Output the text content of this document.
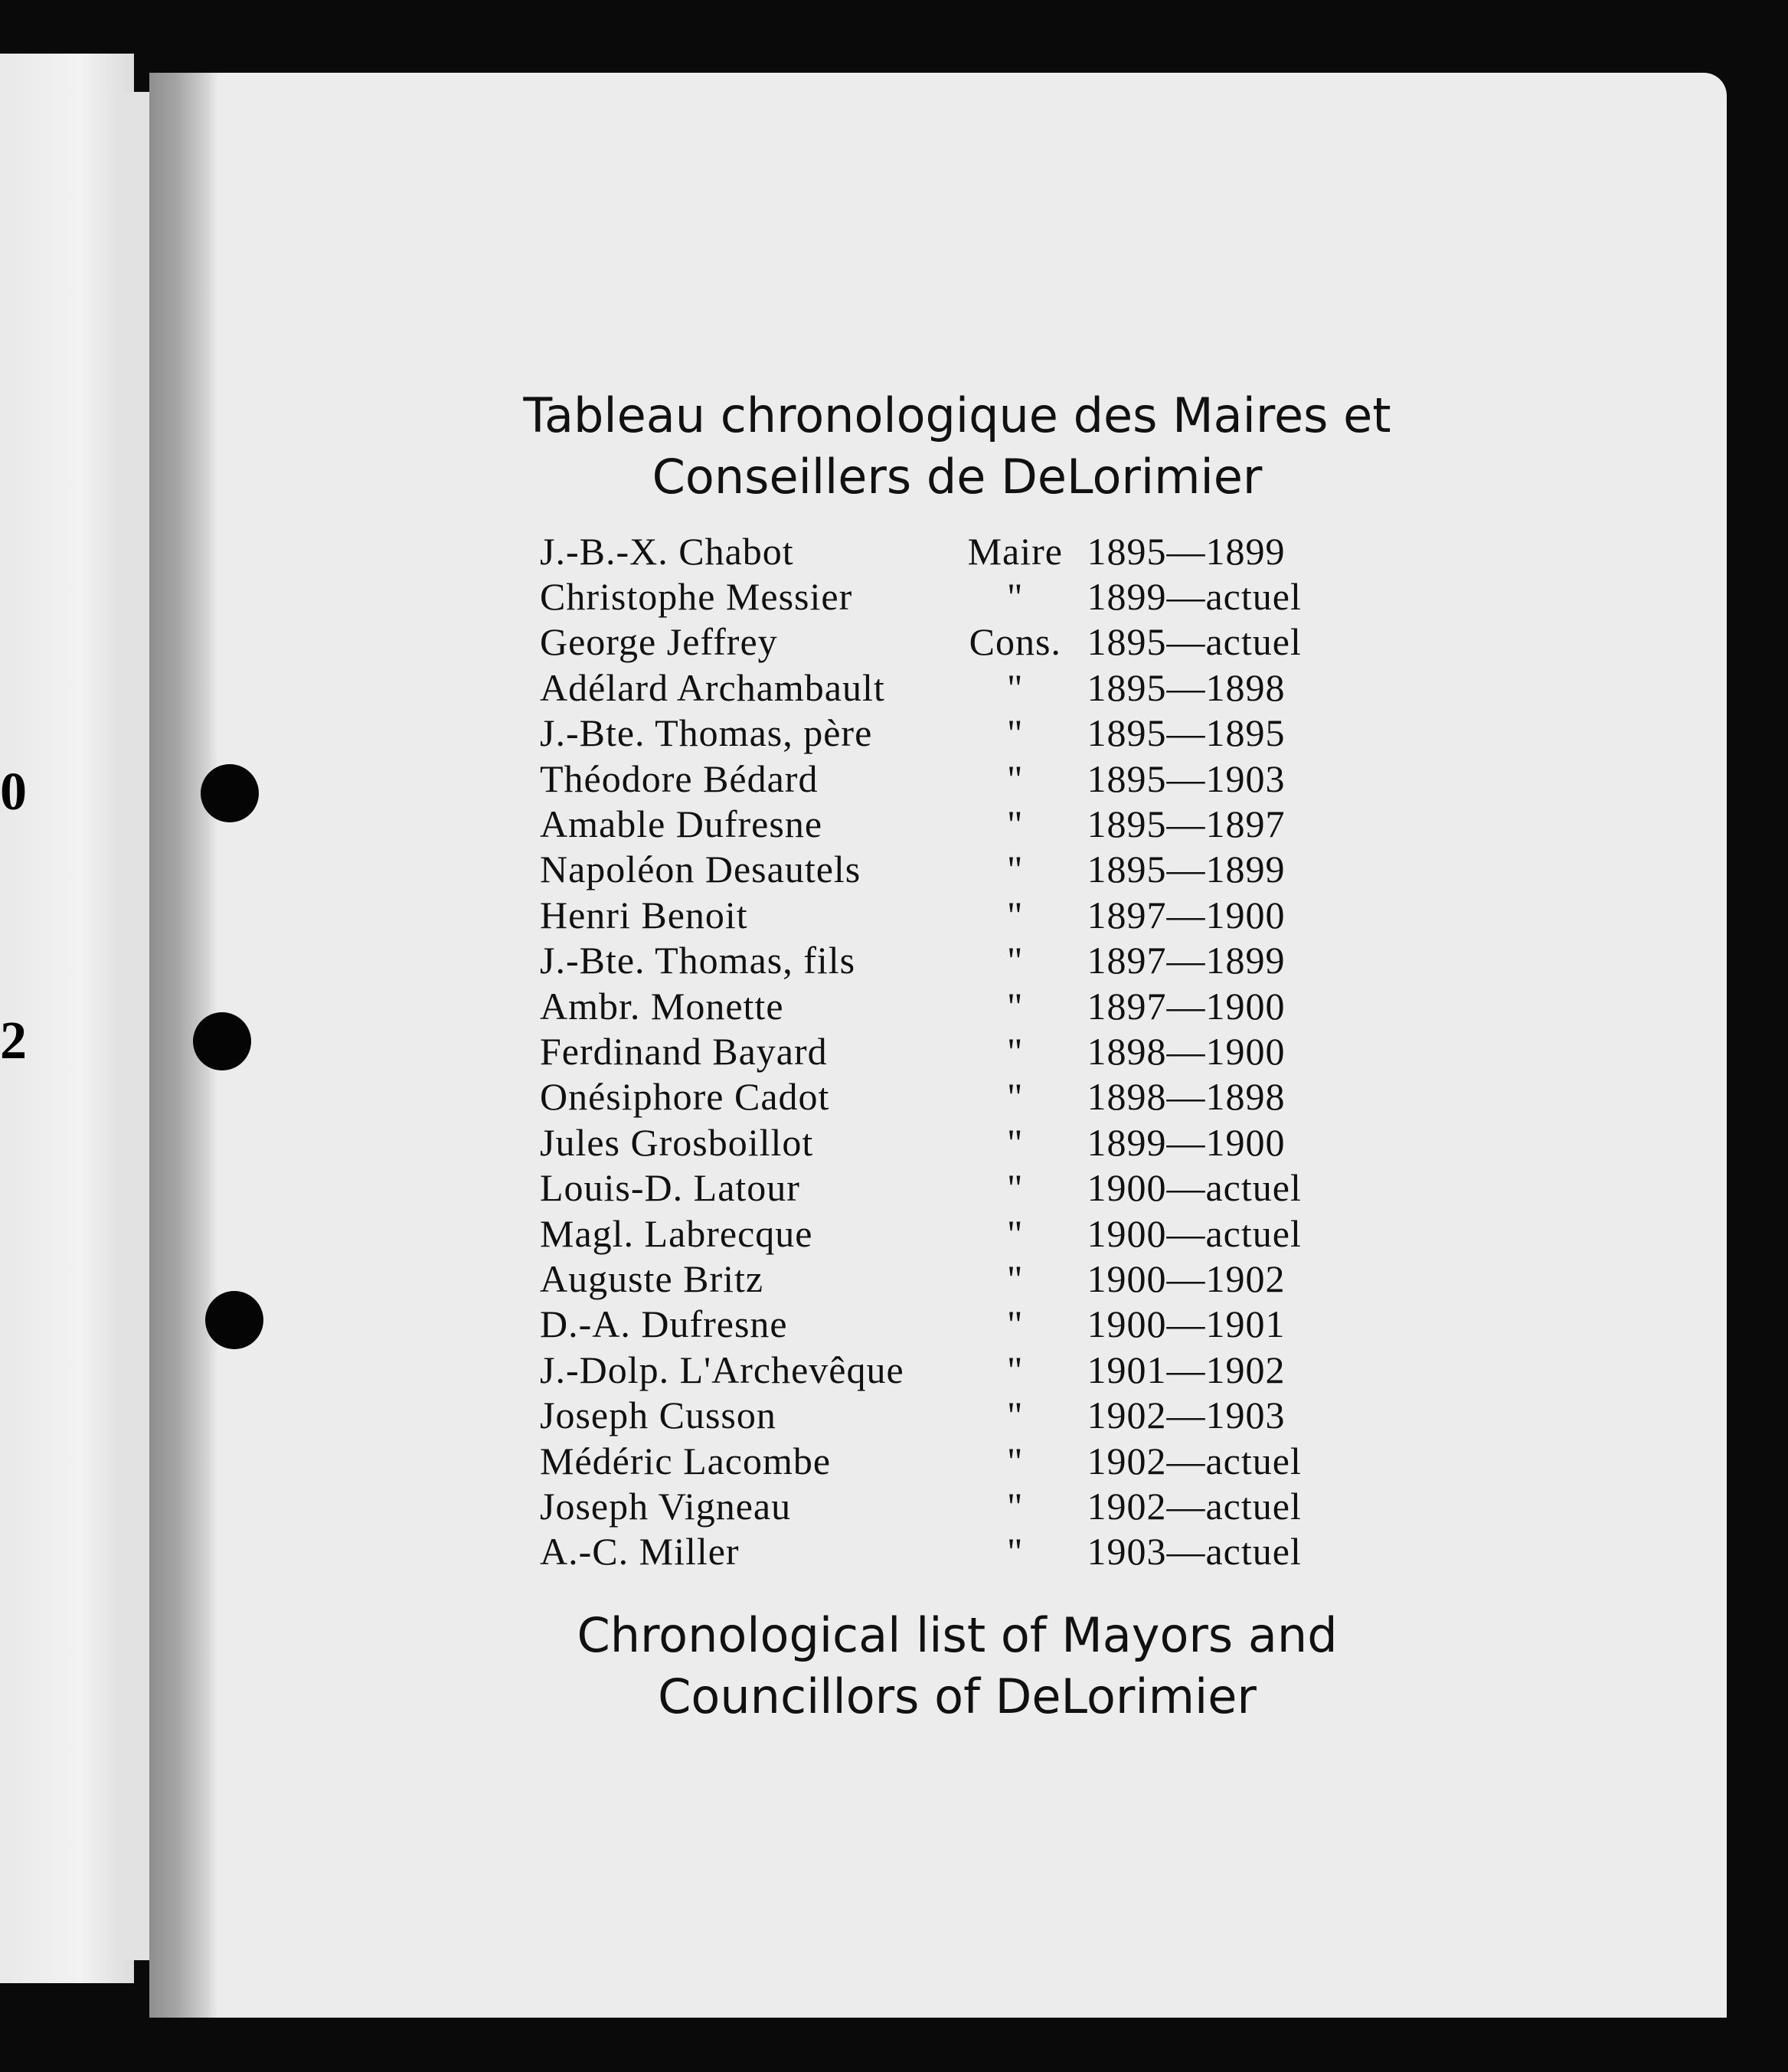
0
2
Tableau chronologique des Maires et
Conseillers de DeLorimier
J.-B.-X. Chabot	Maire	1895—1899
Christophe Messier	"	1899—actuel
George Jeffrey	Cons.	1895—actuel
Adélard Archambault	"	1895—1898
J.-Bte. Thomas, père	"	1895—1895
Théodore Bédard	"	1895—1903
Amable Dufresne	"	1895—1897
Napoléon Desautels	"	1895—1899
Henri Benoit	"	1897—1900
J.-Bte. Thomas, fils	"	1897—1899
Ambr. Monette	"	1897—1900
Ferdinand Bayard	"	1898—1900
Onésiphore Cadot	"	1898—1898
Jules Grosboillot	"	1899—1900
Louis-D. Latour	"	1900—actuel
Magl. Labrecque	"	1900—actuel
Auguste Britz	"	1900—1902
D.-A. Dufresne	"	1900—1901
J.-Dolp. L'Archevêque	"	1901—1902
Joseph Cusson	"	1902—1903
Médéric Lacombe	"	1902—actuel
Joseph Vigneau	"	1902—actuel
A.-C. Miller	"	1903—actuel
Chronological list of Mayors and
Councillors of DeLorimier
